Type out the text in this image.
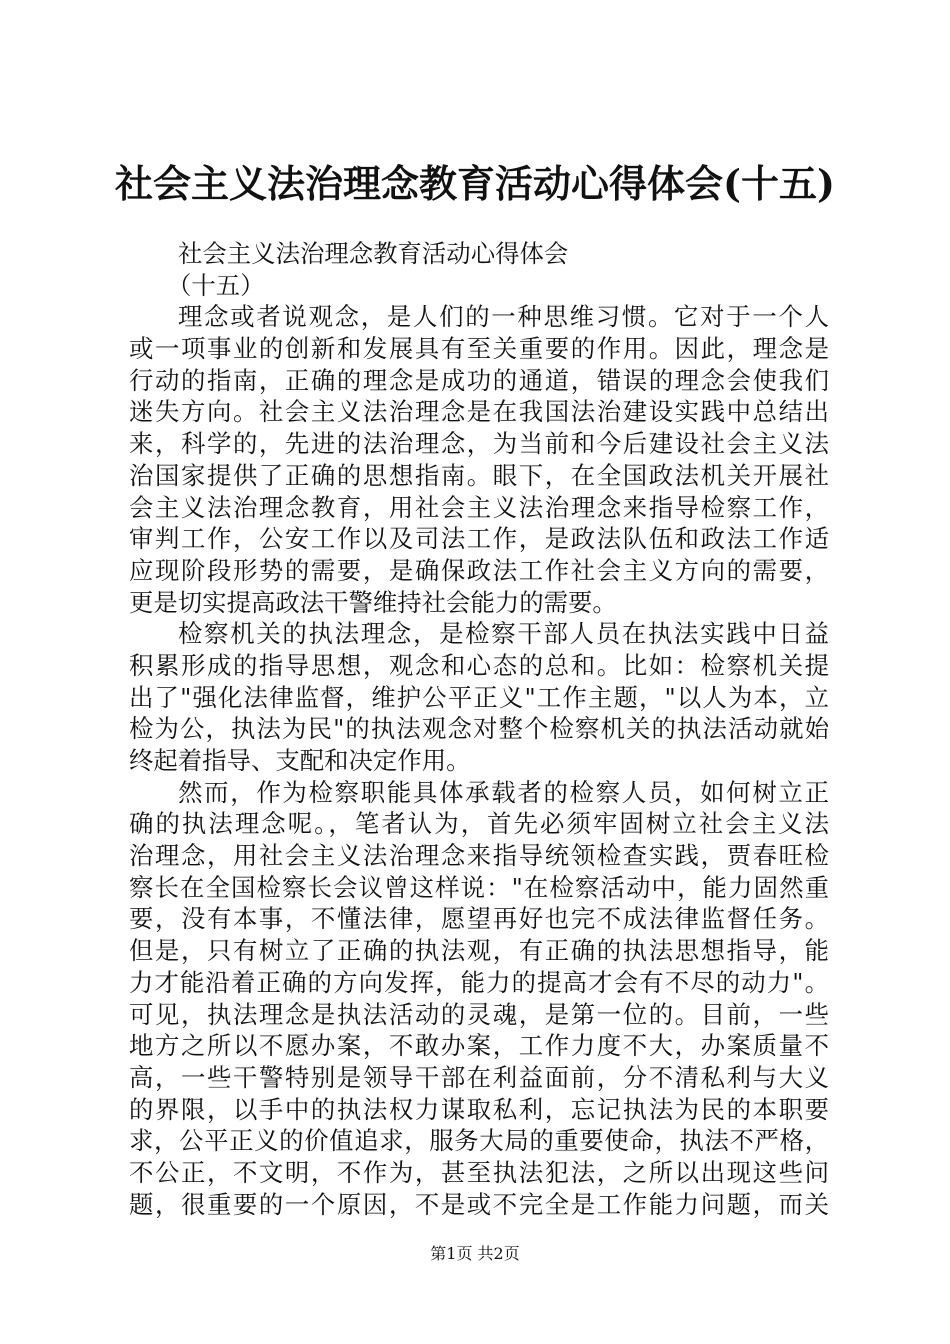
社会主义法治理念教育活动心得体会(十五)
社会主义法治理念教育活动心得体会
（十五）
理念或者说观念，是人们的一种思维习惯。它对于一个人
或一项事业的创新和发展具有至关重要的作用。因此，理念是
行动的指南，正确的理念是成功的通道，错误的理念会使我们
迷失方向。社会主义法治理念是在我国法治建设实践中总结出
来，科学的，先进的法治理念，为当前和今后建设社会主义法
治国家提供了正确的思想指南。眼下，在全国政法机关开展社
会主义法治理念教育，用社会主义法治理念来指导检察工作，
审判工作，公安工作以及司法工作，是政法队伍和政法工作适
应现阶段形势的需要，是确保政法工作社会主义方向的需要，
更是切实提高政法干警维持社会能力的需要。
检察机关的执法理念，是检察干部人员在执法实践中日益
积累形成的指导思想，观念和心态的总和。比如：检察机关提
出了"强化法律监督，维护公平正义"工作主题，"以人为本，立
检为公，执法为民"的执法观念对整个检察机关的执法活动就始
终起着指导、支配和决定作用。
然而，作为检察职能具体承载者的检察人员，如何树立正
确的执法理念呢。，笔者认为，首先必须牢固树立社会主义法
治理念，用社会主义法治理念来指导统领检查实践，贾春旺检
察长在全国检察长会议曾这样说："在检察活动中，能力固然重
要，没有本事，不懂法律，愿望再好也完不成法律监督任务。
但是，只有树立了正确的执法观，有正确的执法思想指导，能
力才能沿着正确的方向发挥，能力的提高才会有不尽的动力"。
可见，执法理念是执法活动的灵魂，是第一位的。目前，一些
地方之所以不愿办案，不敢办案，工作力度不大，办案质量不
高，一些干警特别是领导干部在利益面前，分不清私利与大义
的界限，以手中的执法权力谋取私利，忘记执法为民的本职要
求，公平正义的价值追求，服务大局的重要使命，执法不严格，
不公正，不文明，不作为，甚至执法犯法，之所以出现这些问
题，很重要的一个原因，不是或不完全是工作能力问题，而关
第1页 共2页
